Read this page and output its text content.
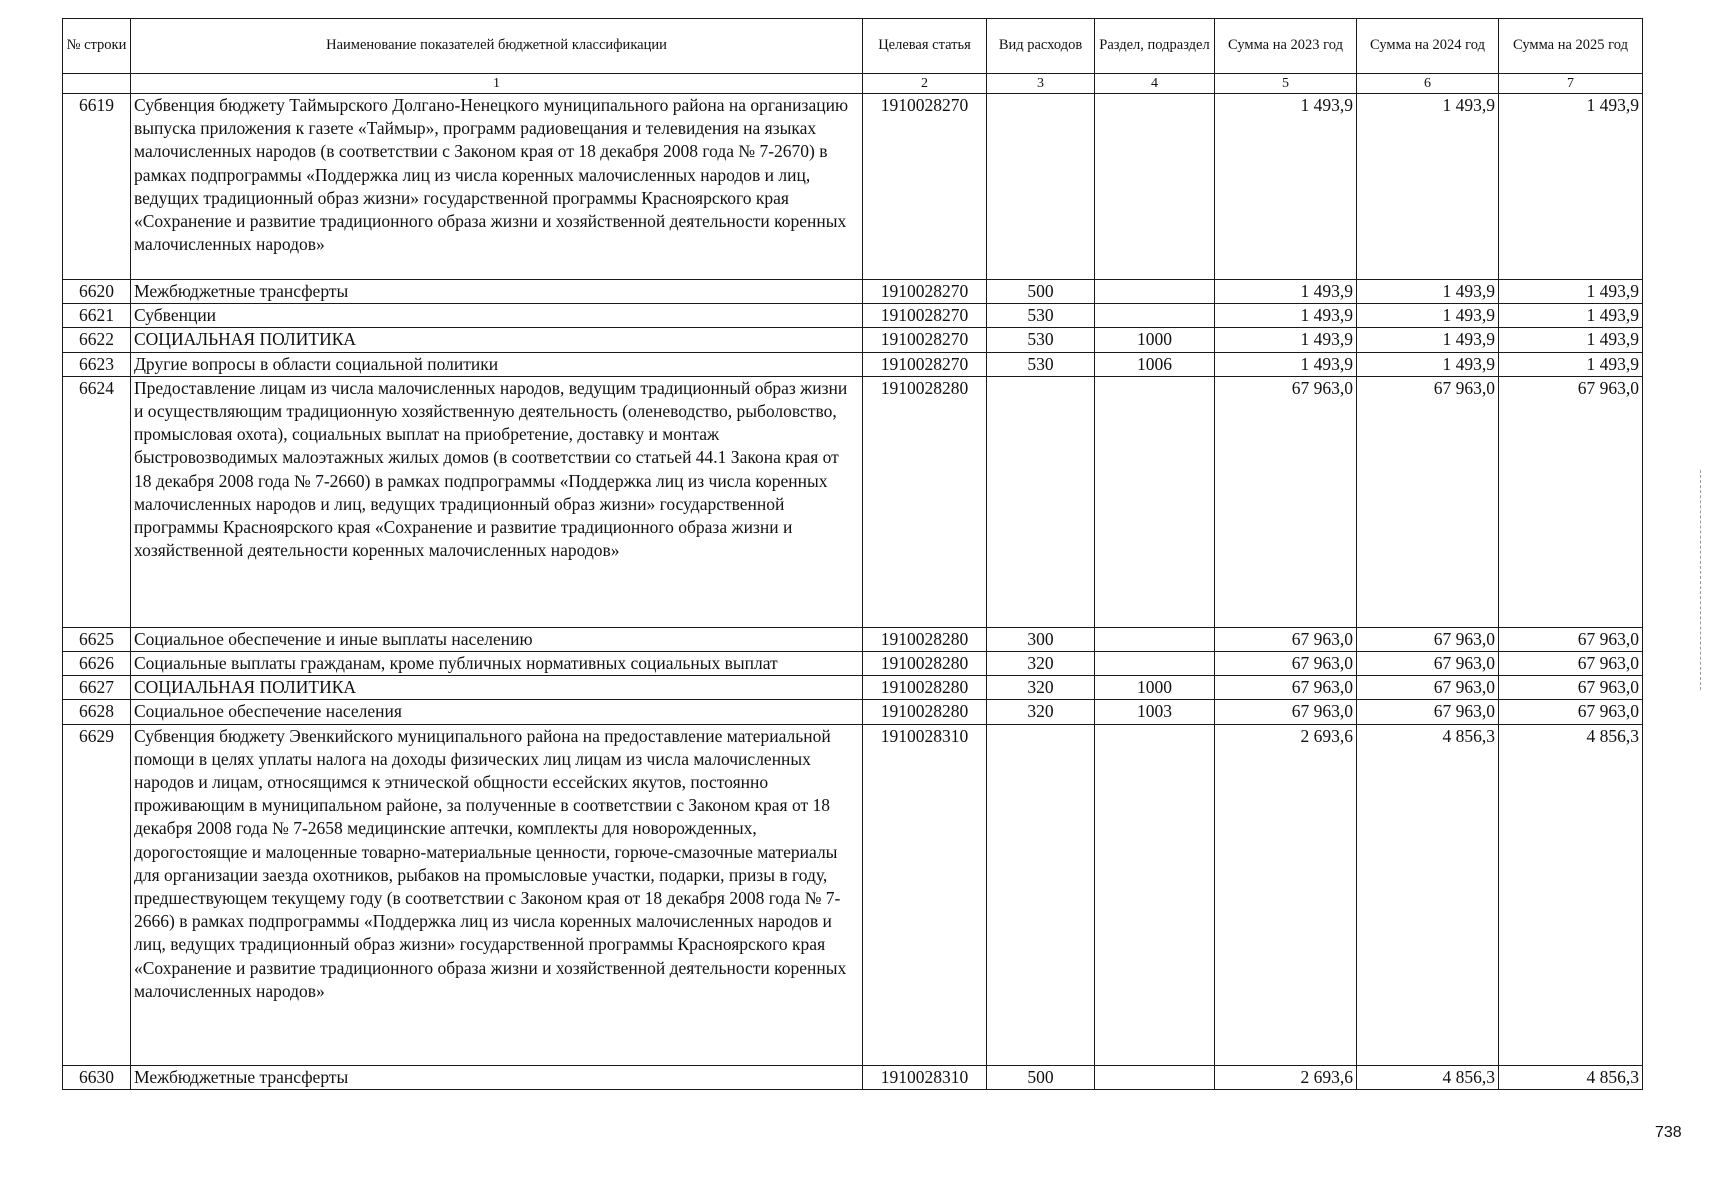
№ строки	Наименование показателей бюджетной классификации	Целевая статья	Вид расходов	Раздел, подраздел	Сумма на 2023 год	Сумма на 2024 год	Сумма на 2025 год
	1	2	3	4	5	6	7
6619	Субвенция бюджету Таймырского Долгано-Ненецкого муниципального района на организацию выпуска приложения к газете «Таймыр», программ радиовещания и телевидения на языках малочисленных народов (в соответствии с Законом края от 18 декабря 2008 года № 7-2670) в рамках подпрограммы «Поддержка лиц из числа коренных малочисленных народов и лиц, ведущих традиционный образ жизни» государственной программы Красноярского края «Сохранение и развитие традиционного образа жизни и хозяйственной деятельности коренных малочисленных народов»	1910028270			1 493,9	1 493,9	1 493,9
6620	Межбюджетные трансферты	1910028270	500		1 493,9	1 493,9	1 493,9
6621	Субвенции	1910028270	530		1 493,9	1 493,9	1 493,9
6622	СОЦИАЛЬНАЯ ПОЛИТИКА	1910028270	530	1000	1 493,9	1 493,9	1 493,9
6623	Другие вопросы в области социальной политики	1910028270	530	1006	1 493,9	1 493,9	1 493,9
6624	Предоставление лицам из числа малочисленных народов, ведущим традиционный образ жизни и осуществляющим традиционную хозяйственную деятельность (оленеводство, рыболовство, промысловая охота), социальных выплат на приобретение, доставку и монтаж быстровозводимых малоэтажных жилых домов (в соответствии со статьей 44.1 Закона края от 18 декабря 2008 года № 7-2660) в рамках подпрограммы «Поддержка лиц из числа коренных малочисленных народов и лиц, ведущих традиционный образ жизни» государственной программы Красноярского края «Сохранение и развитие традиционного образа жизни и хозяйственной деятельности коренных малочисленных народов»	1910028280			67 963,0	67 963,0	67 963,0
6625	Социальное обеспечение и иные выплаты населению	1910028280	300		67 963,0	67 963,0	67 963,0
6626	Социальные выплаты гражданам, кроме публичных нормативных социальных выплат	1910028280	320		67 963,0	67 963,0	67 963,0
6627	СОЦИАЛЬНАЯ ПОЛИТИКА	1910028280	320	1000	67 963,0	67 963,0	67 963,0
6628	Социальное обеспечение населения	1910028280	320	1003	67 963,0	67 963,0	67 963,0
6629	Субвенция бюджету Эвенкийского муниципального района на предоставление материальной помощи в целях уплаты налога на доходы физических лиц лицам из числа малочисленных народов и лицам, относящимся к этнической общности ессейских якутов, постоянно проживающим в муниципальном районе, за полученные в соответствии с Законом края от 18 декабря 2008 года № 7-2658 медицинские аптечки, комплекты для новорожденных, дорогостоящие и малоценные товарно-материальные ценности, горюче-смазочные материалы для организации заезда охотников, рыбаков на промысловые участки, подарки, призы в году, предшествующем текущему году (в соответствии с Законом края от 18 декабря 2008 года № 7-2666) в рамках подпрограммы «Поддержка лиц из числа коренных малочисленных народов и лиц, ведущих традиционный образ жизни» государственной программы Красноярского края «Сохранение и развитие традиционного образа жизни и хозяйственной деятельности коренных малочисленных народов»	1910028310			2 693,6	4 856,3	4 856,3
6630	Межбюджетные трансферты	1910028310	500		2 693,6	4 856,3	4 856,3
738
